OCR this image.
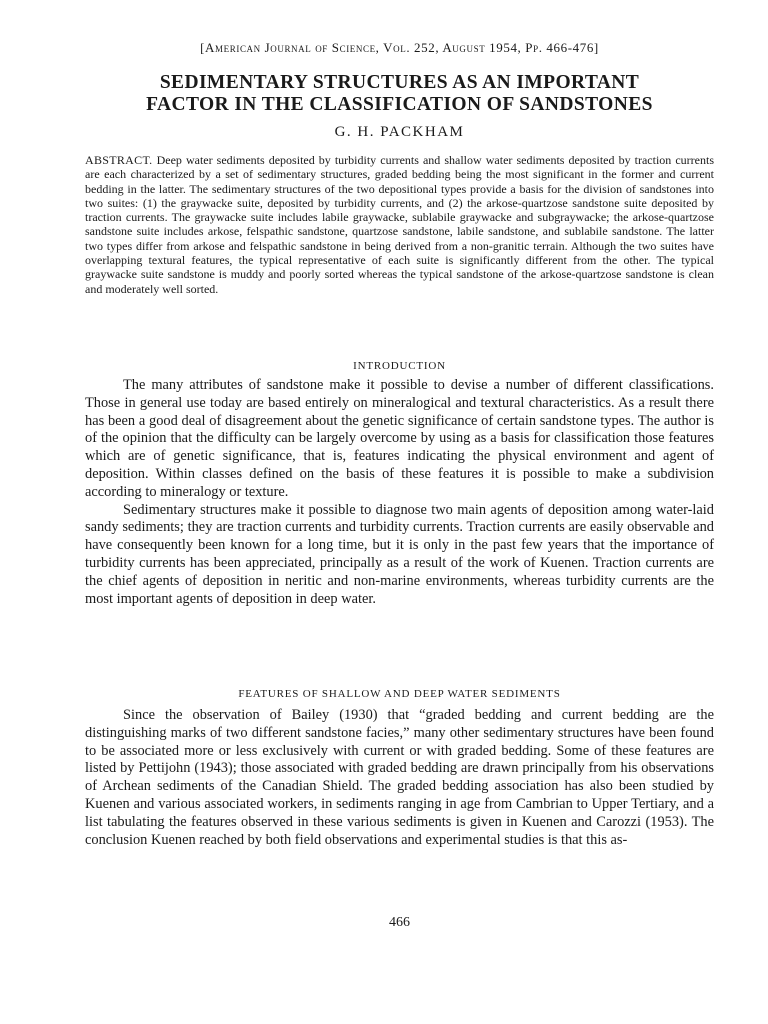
[American Journal of Science, Vol. 252, August 1954, Pp. 466-476]
SEDIMENTARY STRUCTURES AS AN IMPORTANT
FACTOR IN THE CLASSIFICATION OF SANDSTONES
G. H. PACKHAM
ABSTRACT. Deep water sediments deposited by turbidity currents and shallow water sediments deposited by traction currents are each characterized by a set of sedimentary structures, graded bedding being the most significant in the former and current bedding in the latter. The sedimentary structures of the two depositional types provide a basis for the division of sandstones into two suites: (1) the graywacke suite, deposited by turbidity currents, and (2) the arkose-quartzose sandstone suite deposited by traction currents. The graywacke suite includes labile graywacke, sublabile graywacke and subgraywacke; the arkose-quartzose sandstone suite includes arkose, felspathic sandstone, quartzose sandstone, labile sandstone, and sublabile sandstone. The latter two types differ from arkose and felspathic sandstone in being derived from a non-granitic terrain. Although the two suites have overlapping textural features, the typical representative of each suite is significantly different from the other. The typical graywacke suite sandstone is muddy and poorly sorted whereas the typical sandstone of the arkose-quartzose sandstone is clean and moderately well sorted.
INTRODUCTION

The many attributes of sandstone make it possible to devise a number of different classifications. Those in general use today are based entirely on mineralogical and textural characteristics. As a result there has been a good deal of disagreement about the genetic significance of certain sandstone types. The author is of the opinion that the difficulty can be largely overcome by using as a basis for classification those features which are of genetic significance, that is, features indicating the physical environment and agent of deposition. Within classes defined on the basis of these features it is possible to make a subdivision according to mineralogy or texture.

Sedimentary structures make it possible to diagnose two main agents of deposition among water-laid sandy sediments; they are traction currents and turbidity currents. Traction currents are easily observable and have consequently been known for a long time, but it is only in the past few years that the importance of turbidity currents has been appreciated, principally as a result of the work of Kuenen. Traction currents are the chief agents of deposition in neritic and non-marine environments, whereas turbidity currents are the most important agents of deposition in deep water.

FEATURES OF SHALLOW AND DEEP WATER SEDIMENTS

Since the observation of Bailey (1930) that “graded bedding and current bedding are the distinguishing marks of two different sandstone facies,” many other sedimentary structures have been found to be associated more or less exclusively with current or with graded bedding. Some of these features are listed by Pettijohn (1943); those associated with graded bedding are drawn principally from his observations of Archean sediments of the Canadian Shield. The graded bedding association has also been studied by Kuenen and various associated workers, in sediments ranging in age from Cambrian to Upper Tertiary, and a list tabulating the features observed in these various sediments is given in Kuenen and Carozzi (1953). The conclusion Kuenen reached by both field observations and experimental studies is that this as-

466
